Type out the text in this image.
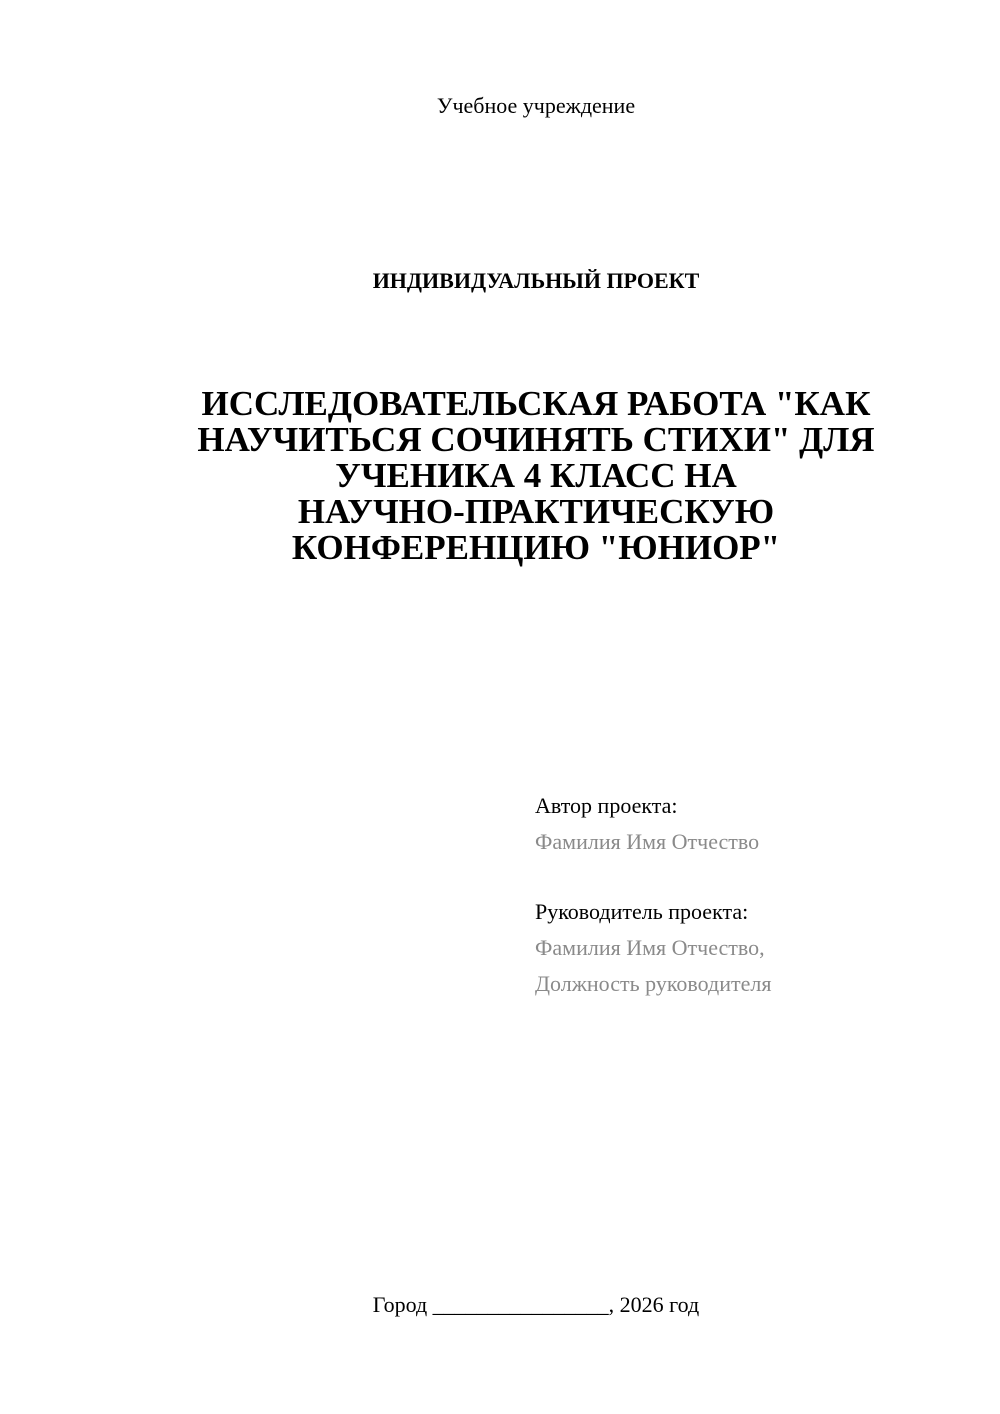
Учебное учреждение
ИНДИВИДУАЛЬНЫЙ ПРОЕКТ
ИССЛЕДОВАТЕЛЬСКАЯ РАБОТА "КАК
НАУЧИТЬСЯ СОЧИНЯТЬ СТИХИ" ДЛЯ
УЧЕНИКА 4 КЛАСС НА
НАУЧНО-ПРАКТИЧЕСКУЮ
КОНФЕРЕНЦИЮ "ЮНИОР"
Автор проекта:
Фамилия Имя Отчество
Руководитель проекта:
Фамилия Имя Отчество,
Должность руководителя
Город ________________, 2026 год
